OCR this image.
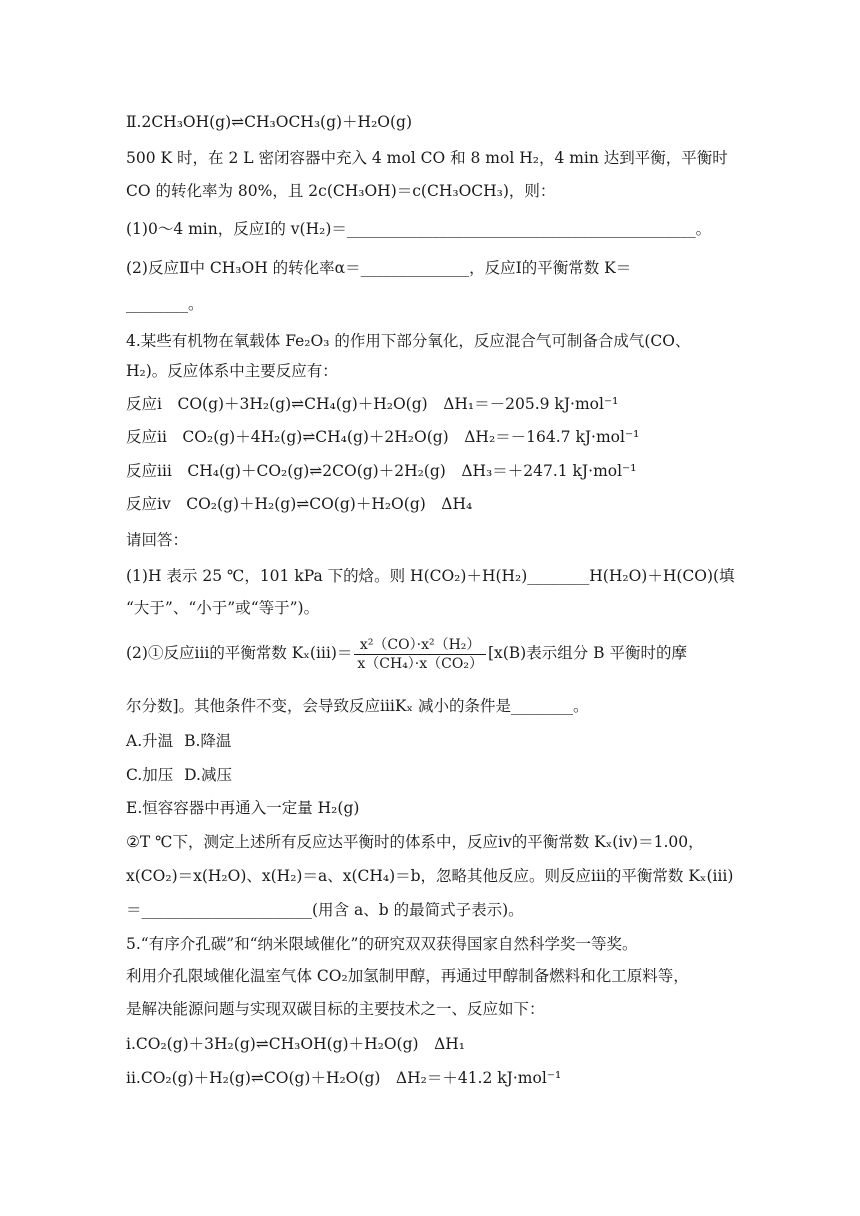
Ⅱ.2CH₃OH(g)⇌CH₃OCH₃(g)＋H₂O(g)
500 K 时，在 2 L 密闭容器中充入 4 mol CO 和 8 mol H₂，4 min 达到平衡，平衡时
CO 的转化率为 80%，且 2c(CH₃OH)＝c(CH₃OCH₃)，则：
(1)0～4 min，反应Ⅰ的 v(H₂)＝_____________________________________________。
(2)反应Ⅱ中 CH₃OH 的转化率α＝______________，反应Ⅰ的平衡常数 K＝
________。
4.某些有机物在氧载体 Fe₂O₃ 的作用下部分氧化，反应混合气可制备合成气(CO、
H₂)。反应体系中主要反应有：
反应ⅰ　CO(g)＋3H₂(g)⇌CH₄(g)＋H₂O(g)　ΔH₁＝－205.9 kJ·mol⁻¹
反应ⅱ　CO₂(g)＋4H₂(g)⇌CH₄(g)＋2H₂O(g)　ΔH₂＝－164.7 kJ·mol⁻¹
反应ⅲ　CH₄(g)＋CO₂(g)⇌2CO(g)＋2H₂(g)　ΔH₃＝＋247.1 kJ·mol⁻¹
反应ⅳ　CO₂(g)＋H₂(g)⇌CO(g)＋H₂O(g)　ΔH₄
请回答：
(1)H 表示 25 ℃，101 kPa 下的焓。则 H(CO₂)＋H(H₂)________H(H₂O)＋H(CO)(填
“大于”、“小于”或“等于”)。
(2)①反应ⅲ的平衡常数 Kₓ(ⅲ)＝ $\frac{\text{x²（CO）·x²（H₂）}}{\text{x（CH₄）·x（CO₂）}} [x(B)$表示组分 B 平衡时的摩
尔分数]。其他条件不变，会导致反应ⅲKₓ 减小的条件是________。
A.升温 B.降温
C.加压 D.减压
E.恒容容器中再通入一定量 H₂(g)
②T ℃下，测定上述所有反应达平衡时的体系中，反应ⅳ的平衡常数 Kₓ(ⅳ)＝1.00，
x(CO₂)＝x(H₂O)、x(H₂)＝a、x(CH₄)＝b，忽略其他反应。则反应ⅲ的平衡常数 Kₓ(ⅲ)
＝______________________(用含 a、b 的最简式子表示)。
5.“有序介孔碳”和“纳米限域催化”的研究双双获得国家自然科学奖一等奖。
利用介孔限域催化温室气体 CO₂加氢制甲醇，再通过甲醇制备燃料和化工原料等，
是解决能源问题与实现双碳目标的主要技术之一、反应如下：
i.CO₂(g)＋3H₂(g)⇌CH₃OH(g)＋H₂O(g)　ΔH₁
ii.CO₂(g)＋H₂(g)⇌CO(g)＋H₂O(g)　ΔH₂＝＋41.2 kJ·mol⁻¹
